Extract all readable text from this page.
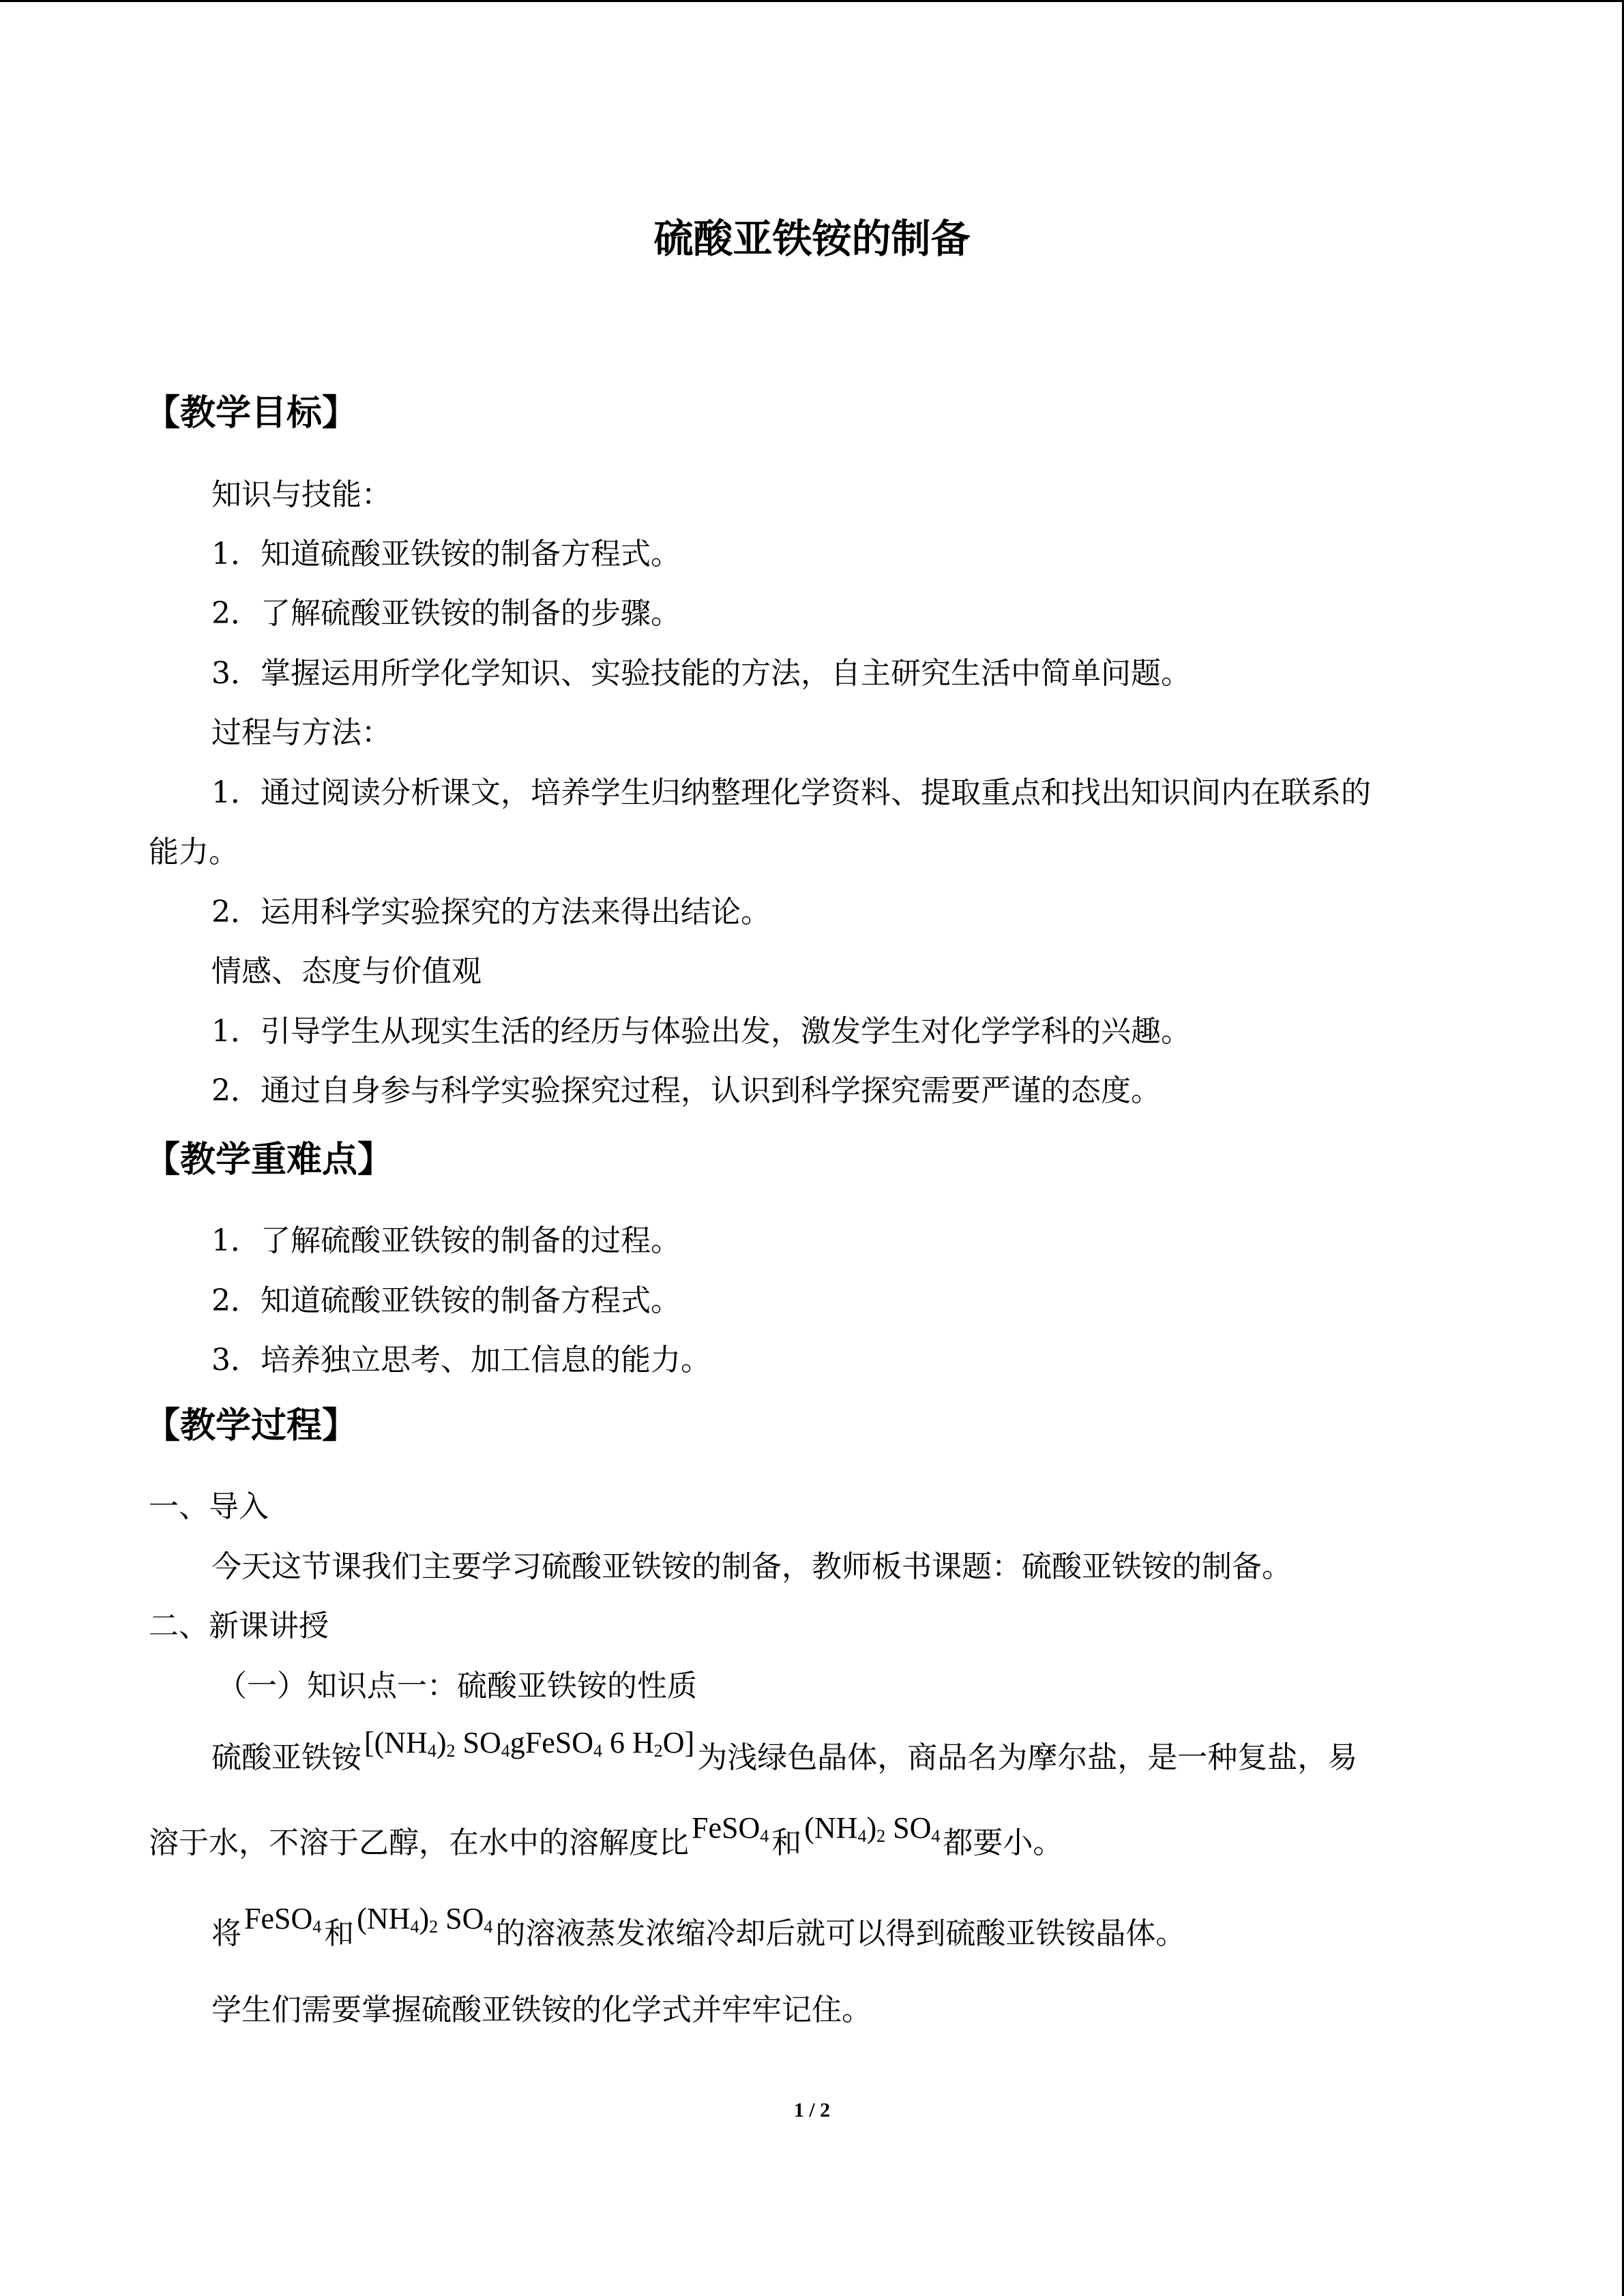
硫酸亚铁铵的制备
【教学目标】
知识与技能：
1．知道硫酸亚铁铵的制备方程式。
2．了解硫酸亚铁铵的制备的步骤。
3．掌握运用所学化学知识、实验技能的方法，自主研究生活中简单问题。
过程与方法：
1．通过阅读分析课文，培养学生归纳整理化学资料、提取重点和找出知识间内在联系的
能力。
2．运用科学实验探究的方法来得出结论。
情感、态度与价值观
1．引导学生从现实生活的经历与体验出发，激发学生对化学学科的兴趣。
2．通过自身参与科学实验探究过程，认识到科学探究需要严谨的态度。
【教学重难点】
1．了解硫酸亚铁铵的制备的过程。
2．知道硫酸亚铁铵的制备方程式。
3．培养独立思考、加工信息的能力。
【教学过程】
一、导入
今天这节课我们主要学习硫酸亚铁铵的制备，教师板书课题：硫酸亚铁铵的制备。
二、新课讲授
（一）知识点一：硫酸亚铁铵的性质
硫酸亚铁铵[$(NH_4)_2$ $SO_4gFeSO_4$ 6 $H_2O$]为浅绿色晶体，商品名为摩尔盐，是一种复盐，易
溶于水，不溶于乙醇，在水中的溶解度比FeSO$_4$和$(NH_4)_2$ $SO_4$都要小。
将FeSO$_4$和$(NH_4)_2$ $SO_4$的溶液蒸发浓缩冷却后就可以得到硫酸亚铁铵晶体。
学生们需要掌握硫酸亚铁铵的化学式并牢牢记住。
1 / 2
